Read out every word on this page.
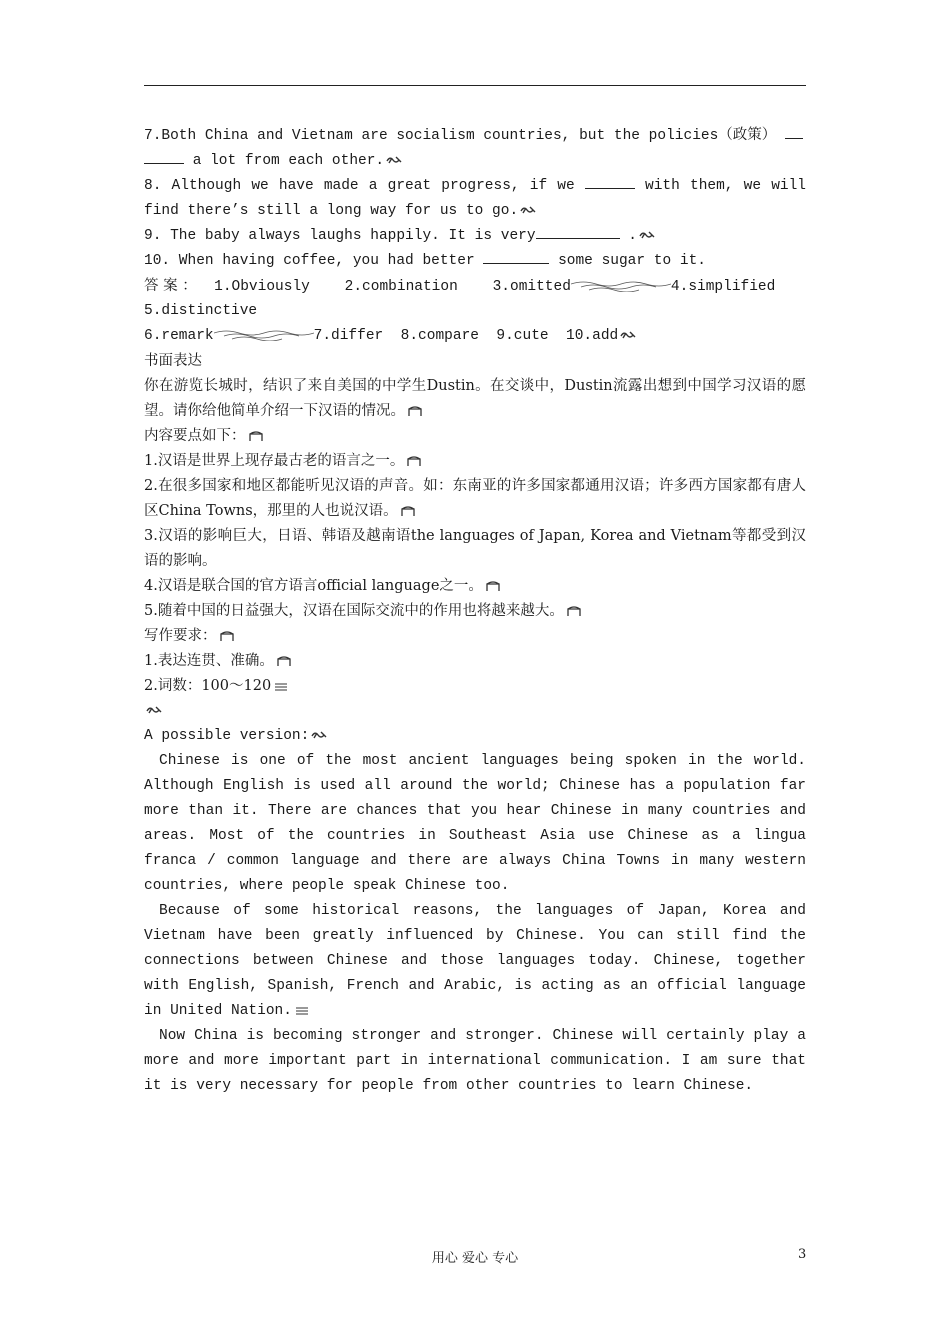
7.Both China and Vietnam are socialism countries, but the policies（政策）
a lot from each other.
8. Although we have made a great progress, if we	with them, we will
find there’s still a long way for us to go.
9. The baby always laughs happily. It is very	.
10. When having coffee, you had better	some sugar to it.
答 案 ： 1.Obviously 2.combination 3.omitted	4.simplified
5.distinctive
6.remark	7.differ 8.compare 9.cute 10.add
书面表达
你在游览长城时，结识了来自美国的中学生Dustin。在交谈中，Dustin流露出想到中国学习汉语的愿望。请你给他简单介绍一下汉语的情况。
内容要点如下：
1.汉语是世界上现存最古老的语言之一。
2.在很多国家和地区都能听见汉语的声音。如：东南亚的许多国家都通用汉语；许多西方国家都有唐人区China Towns，那里的人也说汉语。
3.汉语的影响巨大，日语、韩语及越南语the languages of Japan, Korea and Vietnam等都受到汉语的影响。
4.汉语是联合国的官方语言official language之一。
5.随着中国的日益强大，汉语在国际交流中的作用也将越来越大。
写作要求：
1.表达连贯、准确。
2.词数：100～120
A possible version:
Chinese is one of the most ancient languages being spoken in the world. Although English is used all around the world; Chinese has a population far more than it. There are chances that you hear Chinese in many countries and areas. Most of the countries in Southeast Asia use Chinese as a lingua franca / common language and there are always China Towns in many western countries, where people speak Chinese too.
Because of some historical reasons, the languages of Japan, Korea and Vietnam have been greatly influenced by Chinese. You can still find the connections between Chinese and those languages today. Chinese, together with English, Spanish, French and Arabic, is acting as an official language in United Nation.
Now China is becoming stronger and stronger. Chinese will certainly play a more and more important part in international communication. I am sure that it is very necessary for people from other countries to learn Chinese.
用心 爱心 专心	3
